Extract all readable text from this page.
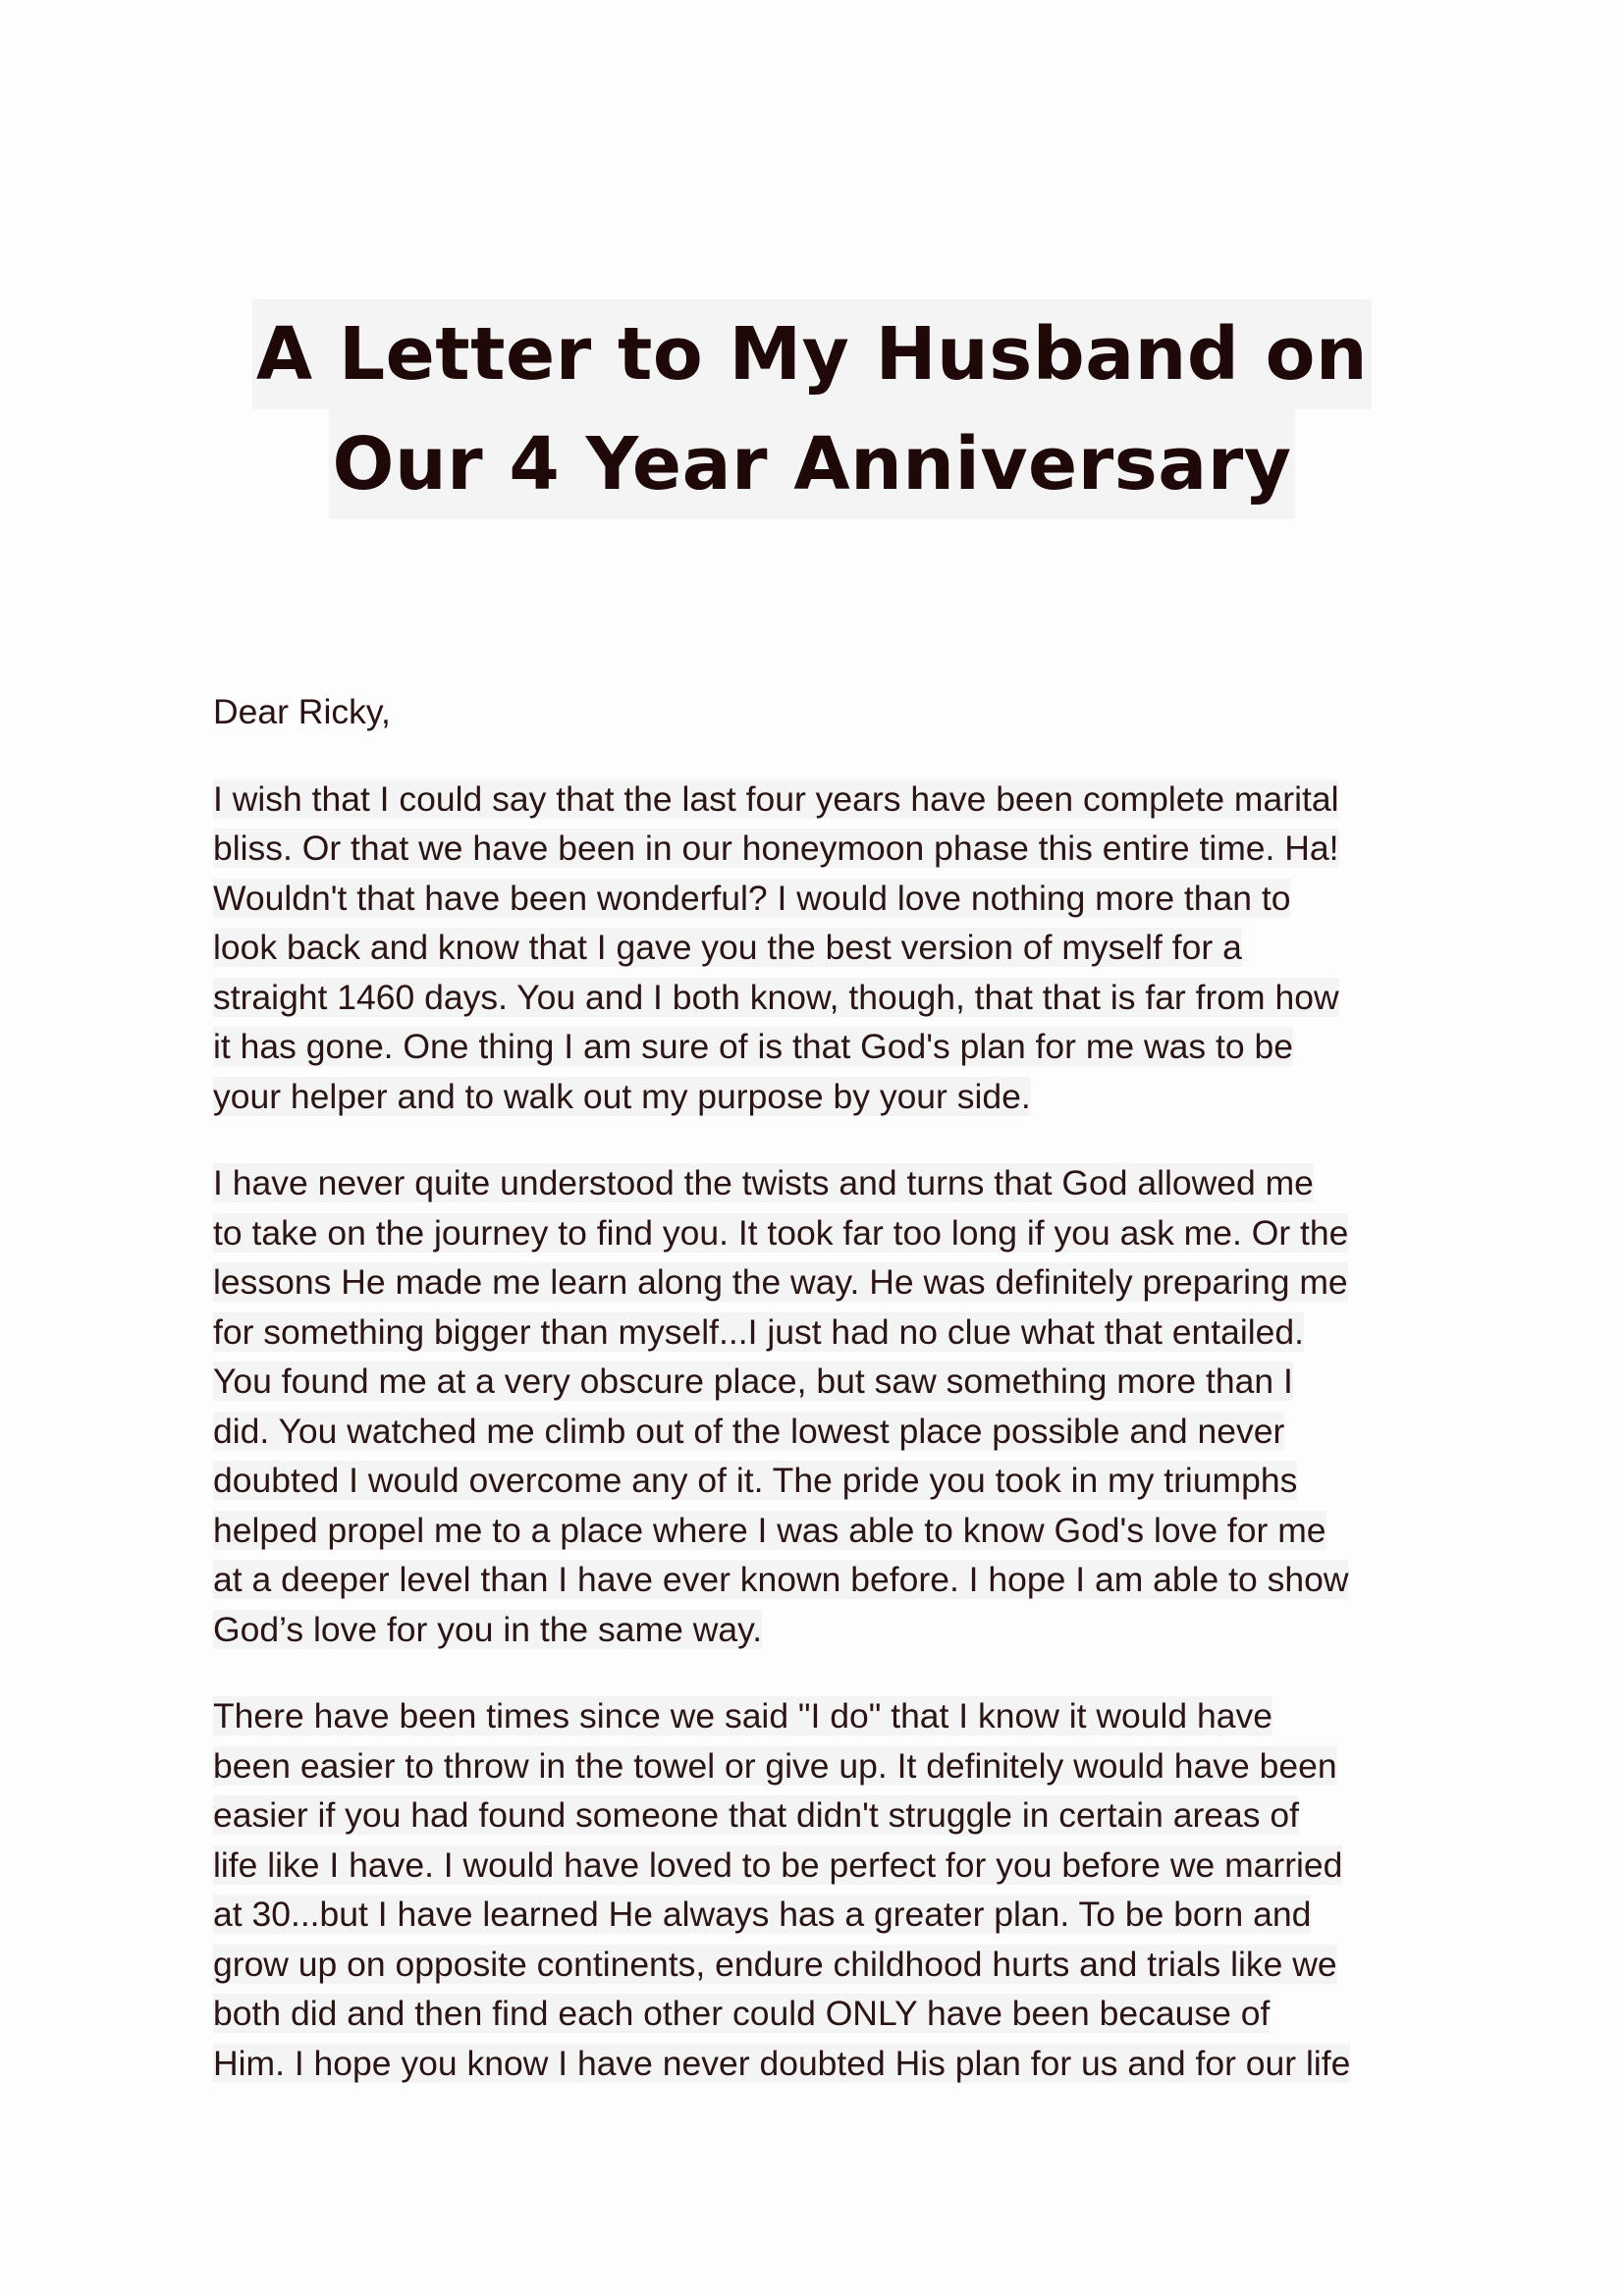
A Letter to My Husband on
Our 4 Year Anniversary
Dear Ricky,
I wish that I could say that the last four years have been complete marital
bliss. Or that we have been in our honeymoon phase this entire time. Ha!
Wouldn't that have been wonderful? I would love nothing more than to
look back and know that I gave you the best version of myself for a
straight 1460 days. You and I both know, though, that that is far from how
it has gone. One thing I am sure of is that God's plan for me was to be
your helper and to walk out my purpose by your side.
I have never quite understood the twists and turns that God allowed me
to take on the journey to find you. It took far too long if you ask me. Or the
lessons He made me learn along the way. He was definitely preparing me
for something bigger than myself...I just had no clue what that entailed.
You found me at a very obscure place, but saw something more than I
did. You watched me climb out of the lowest place possible and never
doubted I would overcome any of it. The pride you took in my triumphs
helped propel me to a place where I was able to know God's love for me
at a deeper level than I have ever known before. I hope I am able to show
God’s love for you in the same way.
There have been times since we said "I do" that I know it would have
been easier to throw in the towel or give up. It definitely would have been
easier if you had found someone that didn't struggle in certain areas of
life like I have. I would have loved to be perfect for you before we married
at 30...but I have learned He always has a greater plan. To be born and
grow up on opposite continents, endure childhood hurts and trials like we
both did and then find each other could ONLY have been because of
Him. I hope you know I have never doubted His plan for us and for our life
